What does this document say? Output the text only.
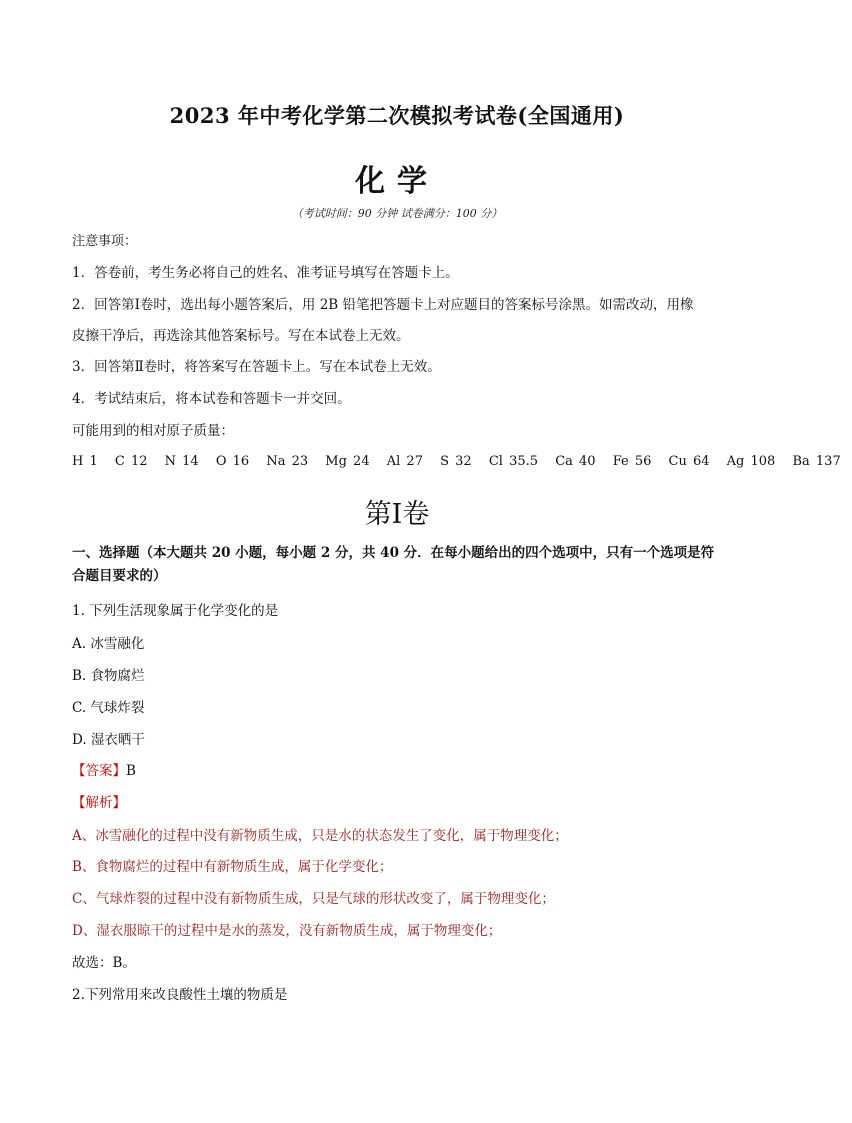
2023 年中考化学第二次模拟考试卷(全国通用)
化学
（考试时间：90 分钟 试卷满分：100 分）
注意事项：
1．答卷前，考生务必将自己的姓名、准考证号填写在答题卡上。
2．回答第Ⅰ卷时，选出每小题答案后，用 2B 铅笔把答题卡上对应题目的答案标号涂黑。如需改动，用橡
皮擦干净后，再选涂其他答案标号。写在本试卷上无效。
3．回答第Ⅱ卷时，将答案写在答题卡上。写在本试卷上无效。
4．考试结束后，将本试卷和答题卡一并交回。
可能用到的相对原子质量：
H 1 C 12 N 14 O 16 Na 23 Mg 24 Al 27 S 32 Cl 35.5 Ca 40 Fe 56 Cu 64 Ag 108 Ba 137
第Ⅰ卷
一、选择题（本大题共 20 小题，每小题 2 分，共 40 分．在每小题给出的四个选项中，只有一个选项是符
合题目要求的）
1. 下列生活现象属于化学变化的是
A. 冰雪融化
B. 食物腐烂
C. 气球炸裂
D. 湿衣晒干
【答案】B
【解析】
A、冰雪融化的过程中没有新物质生成，只是水的状态发生了变化，属于物理变化；
B、食物腐烂的过程中有新物质生成，属于化学变化；
C、气球炸裂的过程中没有新物质生成，只是气球的形状改变了，属于物理变化；
D、湿衣服晾干的过程中是水的蒸发，没有新物质生成，属于物理变化；
故选：B。
2.下列常用来改良酸性土壤的物质是
